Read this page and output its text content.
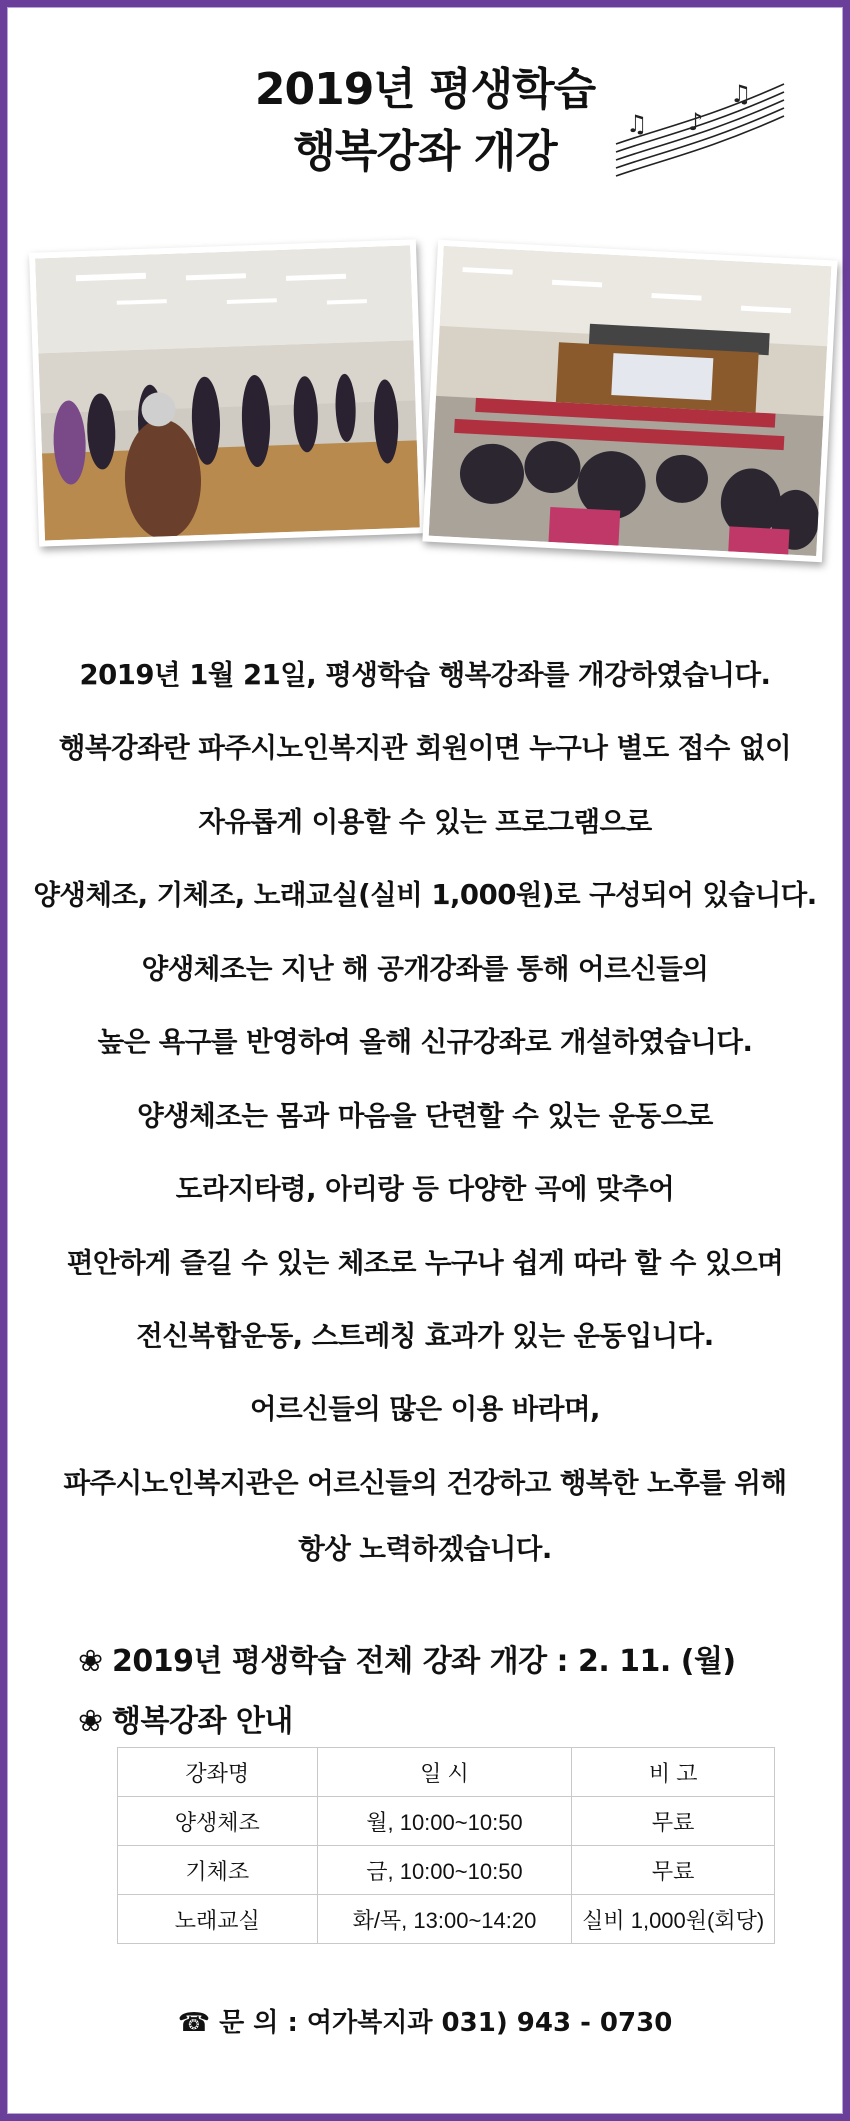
2019년 평생학습
행복강좌 개강
♫
♫
♪
2019년 1월 21일, 평생학습 행복강좌를 개강하였습니다.
행복강좌란 파주시노인복지관 회원이면 누구나 별도 접수 없이
자유롭게 이용할 수 있는 프로그램으로
양생체조, 기체조, 노래교실(실비 1,000원)로 구성되어 있습니다.
양생체조는 지난 해 공개강좌를 통해 어르신들의
높은 욕구를 반영하여 올해 신규강좌로 개설하였습니다.
양생체조는 몸과 마음을 단련할 수 있는 운동으로
도라지타령, 아리랑 등 다양한 곡에 맞추어
편안하게 즐길 수 있는 체조로 누구나 쉽게 따라 할 수 있으며
전신복합운동, 스트레칭 효과가 있는 운동입니다.
어르신들의 많은 이용 바라며,
파주시노인복지관은 어르신들의 건강하고 행복한 노후를 위해
항상 노력하겠습니다.
❀ 2019년 평생학습 전체 강좌 개강 : 2. 11. (월)
❀ 행복강좌 안내
강좌명	일 시	비 고
양생체조	월, 10:00~10:50	무료
기체조	금, 10:00~10:50	무료
노래교실	화/목, 13:00~14:20	실비 1,000원(회당)
☎ 문 의 : 여가복지과 031) 943 - 0730
